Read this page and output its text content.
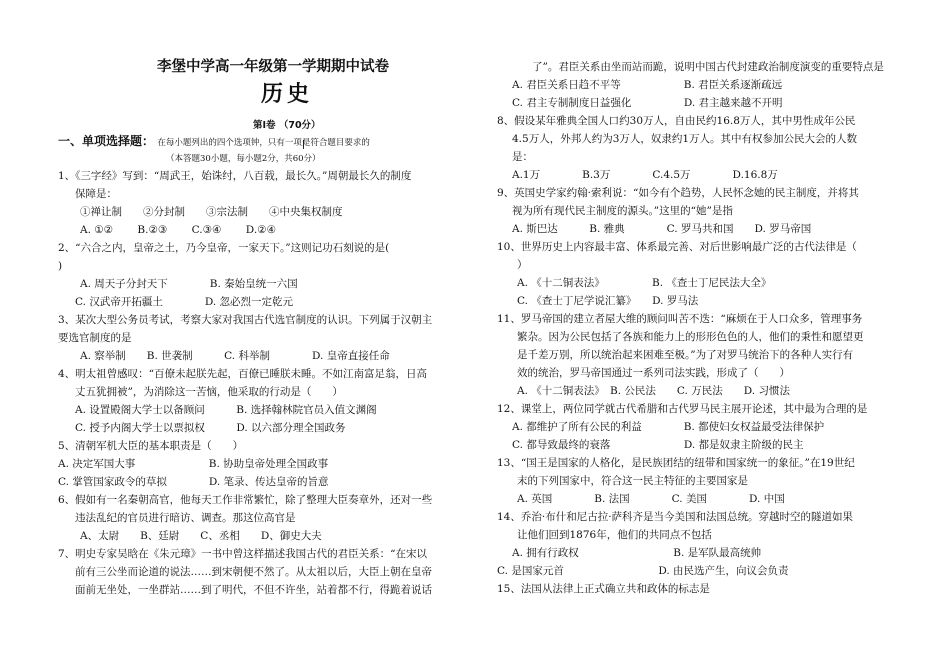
李堡中学高一年级第一学期期中试卷
历史
第Ⅰ卷 （70分）
一、单项选择题： 在每小题列出的四个选项钟，只有一项是符合题目要求的
（本答题30小题，每小题2分，共60分）
1、《三字经》写到：“周武王，始诛纣，八百载，最长久。”周朝最长久的制度
保障是：
①禅让制　　②分封制　　③宗法制　　④中央集权制度
A. ①②　　 B.②③　　 C.③④　　 D.②④
2、“六合之内，皇帝之土，乃今皇帝，一家天下。”这则记功石刻说的是(
)
A. 周天子分封天下　　　　B. 秦始皇统一六国
C. 汉武帝开拓疆土　　　　D. 忽必烈一定乾元
3、某次大型公务员考试，考察大家对我国古代选官制度的认识。下列属于汉朝主
要选官制度的是
A. 察举制　　B. 世袭制　　　C. 科举制　　　　D. 皇帝直接任命
4、明太祖曾感叹：“百僚未起朕先起，百僚已睡朕未睡。不如江南富足翁，日高
丈五犹拥被”，为消除这一苦恼，他采取的行动是（　　）
A. 设置殿阁大学士以备顾问　　　B. 选择翰林院官员入值文渊阁
C. 授予内阁大学士以票拟权　　　D. 以六部分理全国政务
5、清朝军机大臣的基本职责是（　　）
A. 决定军国大事　　　　　　　B. 协助皇帝处理全国政事
C. 掌管国家政令的草拟　　　　D. 笔录、传达皇帝的旨意
6、假如有一名秦朝高官，他每天工作非常繁忙，除了整理大臣奏章外，还对一些
违法乱纪的官员进行暗访、调查。那这位高官是
A、太尉　　B、廷尉　　C、丞相　　D、御史大夫
7、明史专家吴晗在《朱元璋》一书中曾这样描述我国古代的君臣关系：“在宋以
前有三公坐而论道的说法……到宋朝便不然了。从太祖以后，大臣上朝在皇帝
面前无坐处，一坐群站……到了明代，不但不许坐，站着都不行，得跪着说话
了”。君臣关系由坐而站而跪，说明中国古代封建政治制度演变的重要特点是
A. 君臣关系日趋不平等　　　　　　B. 君臣关系逐渐疏远
C. 君主专制制度日益强化　　　　　D. 君主越来越不开明
8、假设某年雅典全国人口约30万人，自由民约16.8万人，其中男性成年公民
4.5万人，外邦人约为3万人，奴隶约1万人。其中有权参加公民大会的人数
是：
A.1万　　　　B.3万　　　　C.4.5万　　　　D.16.8万
9、英国史学家约翰·索利说：“如今有个趋势，人民怀念她的民主制度，并将其
视为所有现代民主制度的源头。”这里的“她”是指
A. 斯巴达　　　B. 雅典　　　　C. 罗马共和国　　D. 罗马帝国
10、世界历史上内容最丰富、体系最完善、对后世影响最广泛的古代法律是（
）
A. 《十二铜表法》　　　　　B. 《查士丁尼民法大全》
C. 《查士丁尼学说汇纂》　　D. 罗马法
11、罗马帝国的建立者屋大维的顾问叫苦不迭：“麻烦在于人口众多，管理事务
繁杂。因为公民包括了各族和能力上的形形色色的人，他们的秉性和愿望更
是千差万别，所以统治起来困难至极。”为了对罗马统治下的各种人实行有
效的统治，罗马帝国通过一系列司法实践，形成了（　　）
A. 《十二铜表法》　B. 公民法　　C. 万民法　　D. 习惯法
12、课堂上，两位同学就古代希腊和古代罗马民主展开论述，其中最为合理的是
A. 都维护了所有公民的利益　　　　B. 都使妇女权益最受法律保护
C. 都导致最终的衰落　　　　　　　D. 都是奴隶主阶级的民主
13、“国王是国家的人格化，是民族团结的纽带和国家统一的象征。”在19世纪
末的下列国家中，符合这一民主特征的主要国家是
A. 英国　　　　B. 法国　　　　C. 美国　　　　D. 中国
14、乔治·布什和尼古拉·萨科齐是当今美国和法国总统。穿越时空的隧道如果
让他们回到1876年，他们的共同点不包括
A. 拥有行政权　　　　　　　　　B. 是军队最高统帅
C. 是国家元首　　　　　　　　　D. 由民选产生，向议会负责
15、法国从法律上正式确立共和政体的标志是
